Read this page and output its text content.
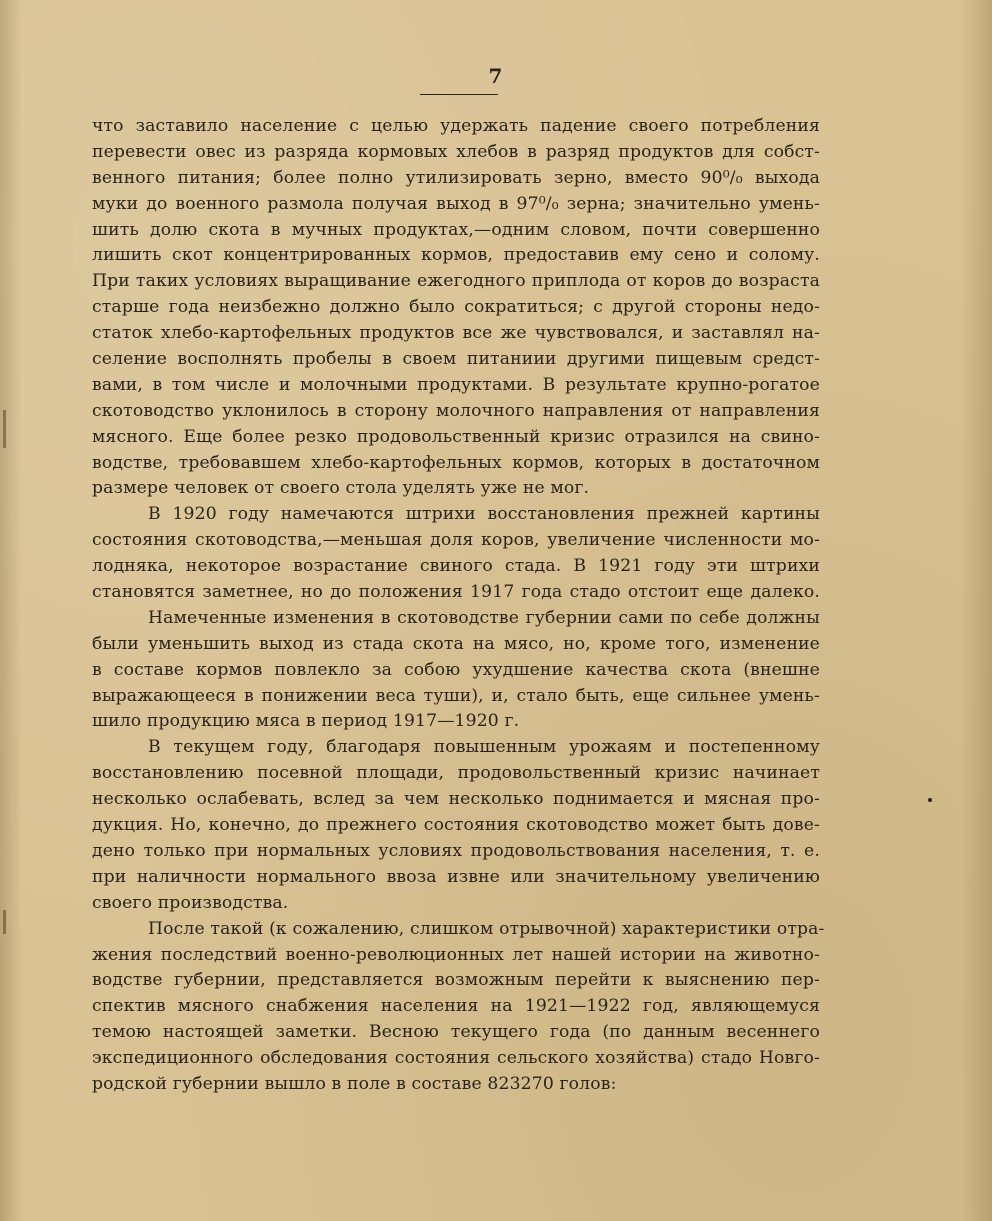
7
что заставило население с целью удержать падение своего потребления
перевести овес из разряда кормовых хлебов в разряд продуктов для собст-
венного питания; более полно утилизировать зерно, вместо 90⁰/₀ выхода
муки до военного размола получая выход в 97⁰/₀ зерна; значительно умень-
шить долю скота в мучных продуктах,—одним словом, почти совершенно
лишить скот концентрированных кормов, предоставив ему сено и солому.
При таких условиях выращивание ежегодного приплода от коров до возраста
старше года неизбежно должно было сократиться; с другой стороны недо-
статок хлебо-картофельных продуктов все же чувствовался, и заставлял на-
селение восполнять пробелы в своем питаниии другими пищевым средст-
вами, в том числе и молочными продуктами. В результате крупно-рогатое
скотоводство уклонилось в сторону молочного направления от направления
мясного. Еще более резко продовольственный кризис отразился на свино-
водстве, требовавшем хлебо-картофельных кормов, которых в достаточном
размере человек от своего стола уделять уже не мог.
В 1920 году намечаются штрихи восстановления прежней картины
состояния скотоводства,—меньшая доля коров, увеличение численности мо-
лодняка, некоторое возрастание свиного стада. В 1921 году эти штрихи
становятся заметнее, но до положения 1917 года стадо отстоит еще далеко.
Намеченные изменения в скотоводстве губернии сами по себе должны
были уменьшить выход из стада скота на мясо, но, кроме того, изменение
в составе кормов повлекло за собою ухудшение качества скота (внешне
выражающееся в понижении веса туши), и, стало быть, еще сильнее умень-
шило продукцию мяса в период 1917—1920 г.
В текущем году, благодаря повышенным урожаям и постепенному
восстановлению посевной площади, продовольственный кризис начинает
несколько ослабевать, вслед за чем несколько поднимается и мясная про-
дукция. Но, конечно, до прежнего состояния скотоводство может быть дове-
дено только при нормальных условиях продовольствования населения, т. е.
при наличности нормального ввоза извне или значительному увеличению
своего производства.
После такой (к сожалению, слишком отрывочной) характеристики отра-
жения последствий военно-революционных лет нашей истории на животно-
водстве губернии, представляется возможным перейти к выяснению пер-
спектив мясного снабжения населения на 1921—1922 год, являющемуся
темою настоящей заметки. Весною текущего года (по данным весеннего
экспедиционного обследования состояния сельского хозяйства) стадо Новго-
родской губернии вышло в поле в составе 823270 голов:
